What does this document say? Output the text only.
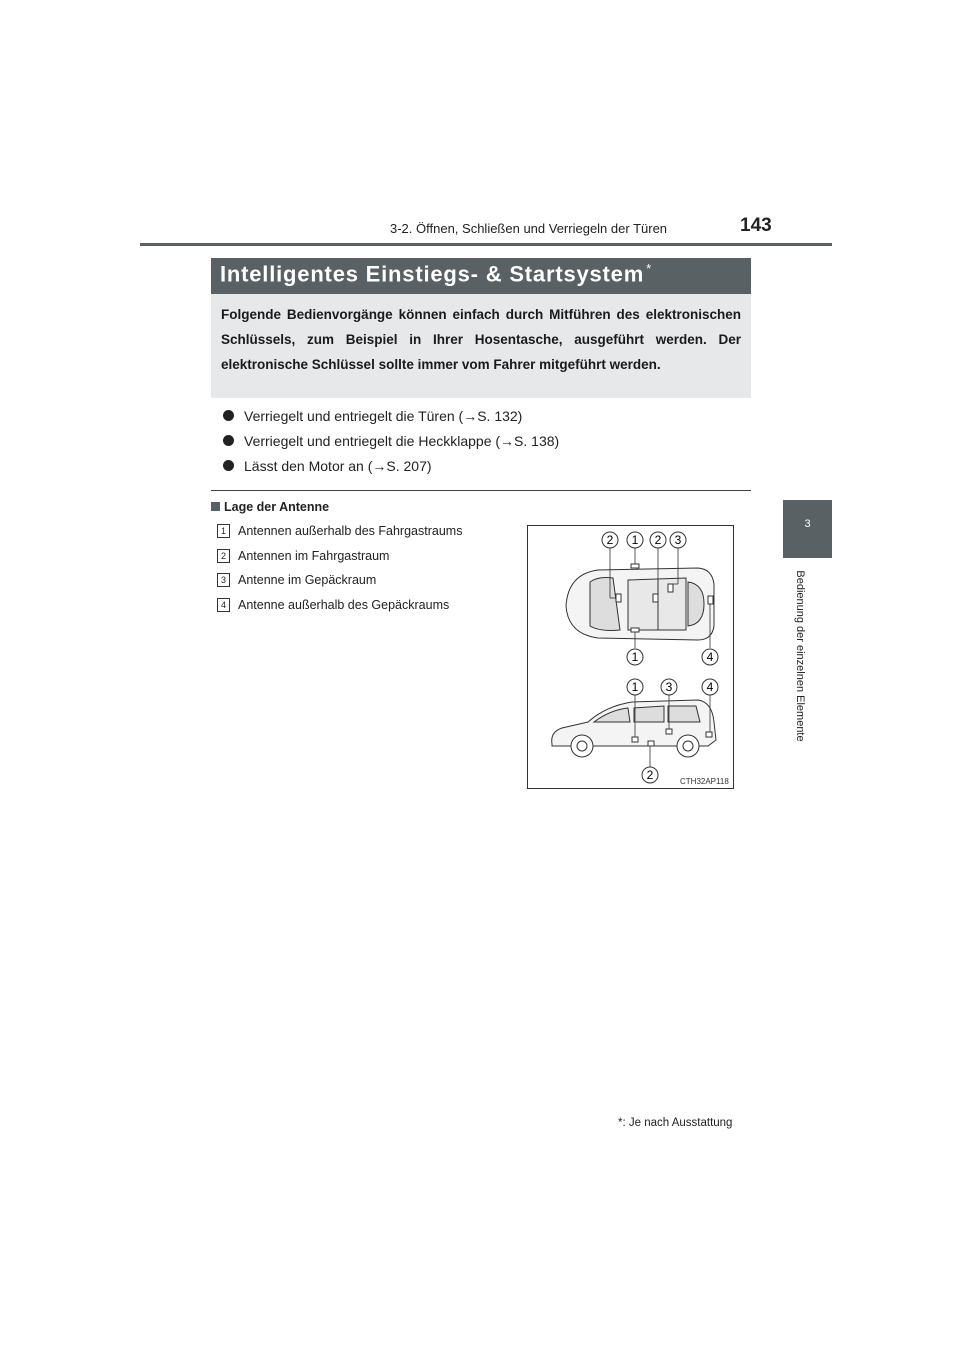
3-2. Öffnen, Schließen und Verriegeln der Türen	143
3
Bedienung der einzelnen Elemente
Intelligentes Einstiegs- & Startsystem *
Folgende Bedienvorgänge können einfach durch Mitführen des elektronischen Schlüssels, zum Beispiel in Ihrer Hosentasche, ausgeführt werden. Der elektronische Schlüssel sollte immer vom Fahrer mitgeführt werden.
Verriegelt und entriegelt die Türen (→S. 132)
Verriegelt und entriegelt die Heckklappe (→S. 138)
Lässt den Motor an (→S. 207)
Lage der Antenne
1 Antennen außerhalb des Fahrgastraums
2 Antennen im Fahrgastraum
3 Antenne im Gepäckraum
4 Antenne außerhalb des Gepäckraums
2 1 2 3
1	4
1 3	4
2	CTH32AP118
*: Je nach Ausstattung
